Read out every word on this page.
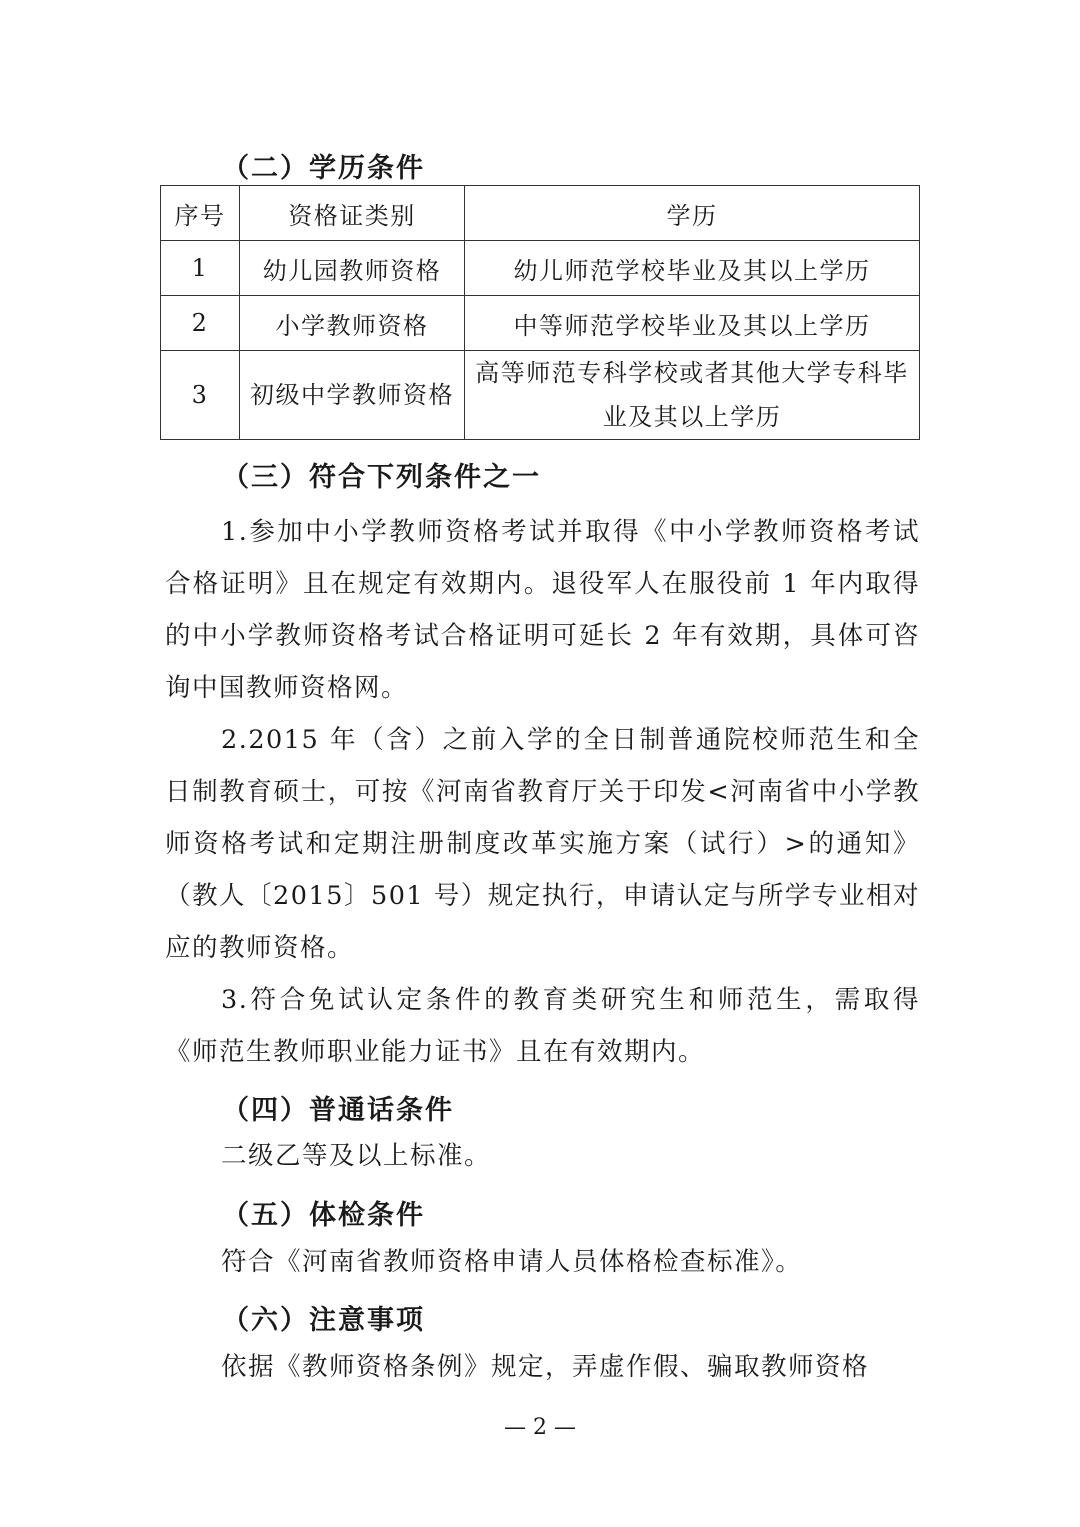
（二）学历条件
序号	资格证类别	学历
1	幼儿园教师资格	幼儿师范学校毕业及其以上学历
2	小学教师资格	中等师范学校毕业及其以上学历
3	初级中学教师资格	高等师范专科学校或者其他大学专科毕业及其以上学历
（三）符合下列条件之一
1.参加中小学教师资格考试并取得《中小学教师资格考试合格证明》且在规定有效期内。退役军人在服役前 1 年内取得的中小学教师资格考试合格证明可延长 2 年有效期，具体可咨询中国教师资格网。
2.2015 年（含）之前入学的全日制普通院校师范生和全日制教育硕士，可按《河南省教育厅关于印发<河南省中小学教师资格考试和定期注册制度改革实施方案（试行）>的通知》（教人〔2015〕501 号）规定执行，申请认定与所学专业相对应的教师资格。
3.符合免试认定条件的教育类研究生和师范生，需取得《师范生教师职业能力证书》且在有效期内。
（四）普通话条件
二级乙等及以上标准。
（五）体检条件
符合《河南省教师资格申请人员体格检查标准》。
（六）注意事项
依据《教师资格条例》规定，弄虚作假、骗取教师资格
— 2 —
